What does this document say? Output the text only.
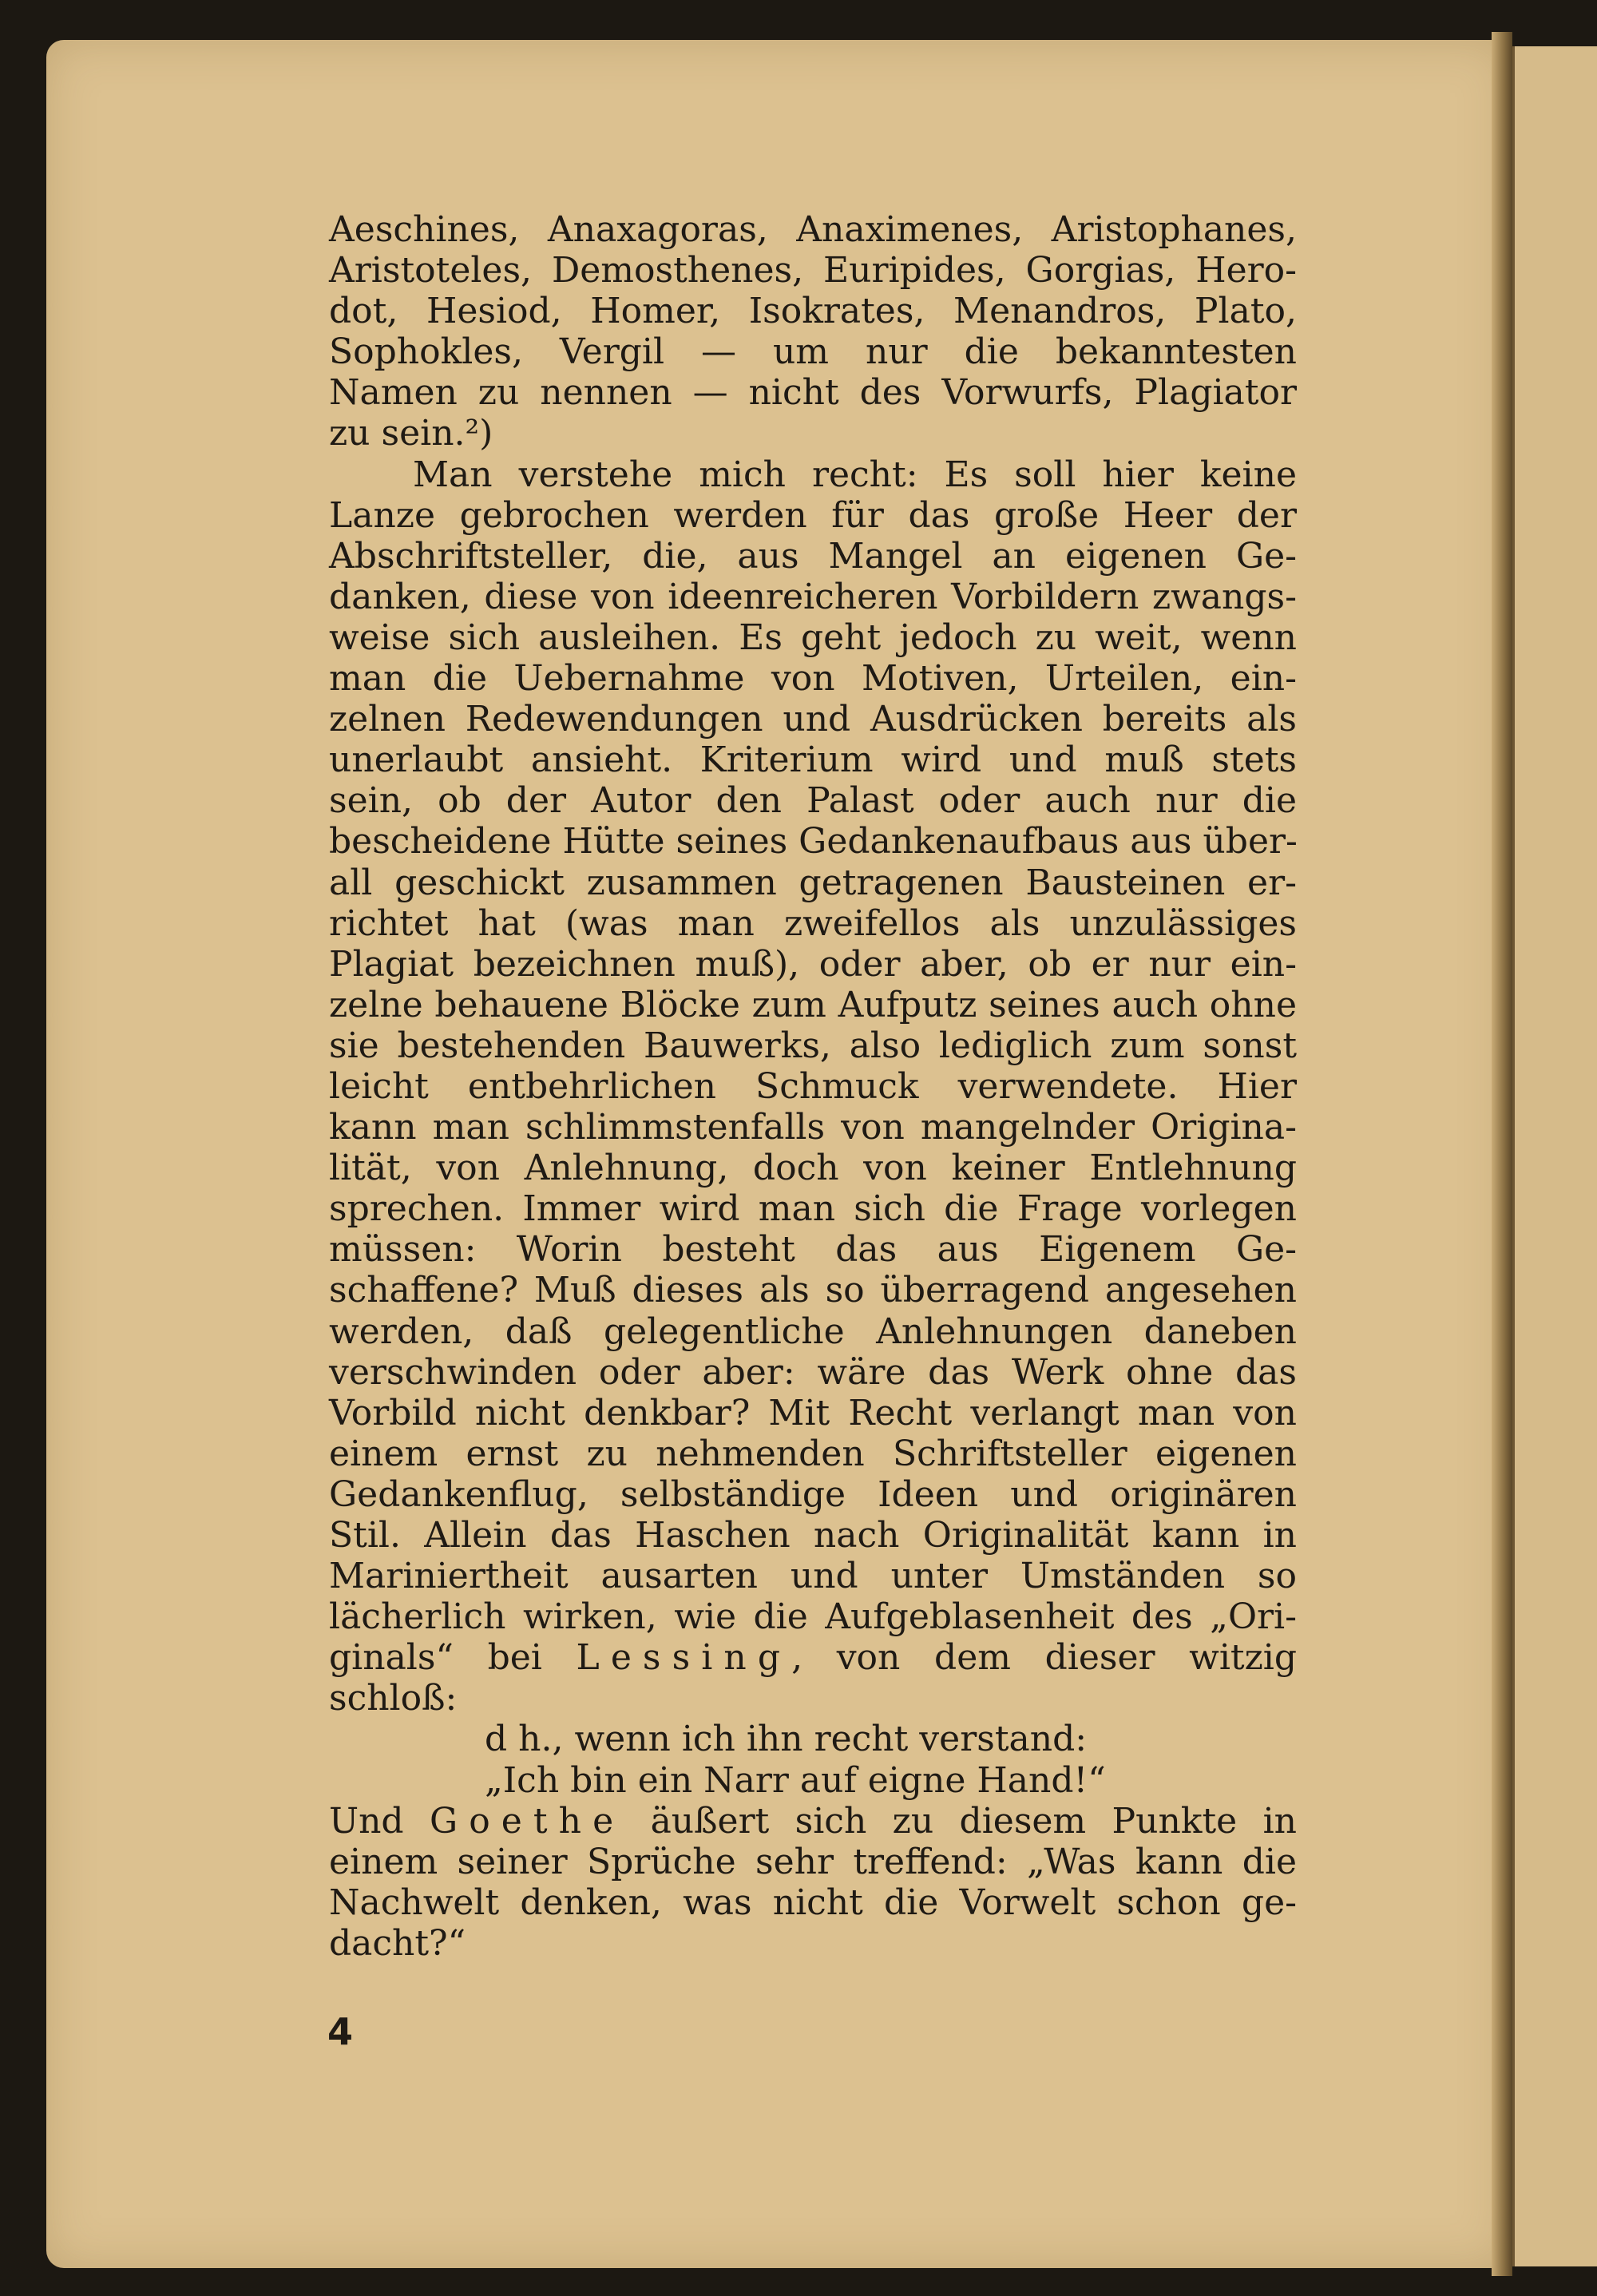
Aeschines, Anaxagoras, Anaximenes, Aristophanes,
Aristoteles, Demosthenes, Euripides, Gorgias, Hero-
dot, Hesiod, Homer, Isokrates, Menandros, Plato,
Sophokles, Vergil — um nur die bekanntesten
Namen zu nennen — nicht des Vorwurfs, Plagiator
zu sein.²)
Man verstehe mich recht: Es soll hier keine
Lanze gebrochen werden für das große Heer der
Abschriftsteller, die, aus Mangel an eigenen Ge-
danken, diese von ideenreicheren Vorbildern zwangs-
weise sich ausleihen. Es geht jedoch zu weit, wenn
man die Uebernahme von Motiven, Urteilen, ein-
zelnen Redewendungen und Ausdrücken bereits als
unerlaubt ansieht. Kriterium wird und muß stets
sein, ob der Autor den Palast oder auch nur die
bescheidene Hütte seines Gedankenaufbaus aus über-
all geschickt zusammen getragenen Bausteinen er-
richtet hat (was man zweifellos als unzulässiges
Plagiat bezeichnen muß), oder aber, ob er nur ein-
zelne behauene Blöcke zum Aufputz seines auch ohne
sie bestehenden Bauwerks, also lediglich zum sonst
leicht entbehrlichen Schmuck verwendete. Hier
kann man schlimmstenfalls von mangelnder Origina-
lität, von Anlehnung, doch von keiner Entlehnung
sprechen. Immer wird man sich die Frage vorlegen
müssen: Worin besteht das aus Eigenem Ge-
schaffene? Muß dieses als so überragend angesehen
werden, daß gelegentliche Anlehnungen daneben
verschwinden oder aber: wäre das Werk ohne das
Vorbild nicht denkbar? Mit Recht verlangt man von
einem ernst zu nehmenden Schriftsteller eigenen
Gedankenflug, selbständige Ideen und originären
Stil. Allein das Haschen nach Originalität kann in
Mariniertheit ausarten und unter Umständen so
lächerlich wirken, wie die Aufgeblasenheit des „Ori-
ginals“ bei Lessing, von dem dieser witzig
schloß:
d h., wenn ich ihn recht verstand:
„Ich bin ein Narr auf eigne Hand!“
Und Goethe äußert sich zu diesem Punkte in
einem seiner Sprüche sehr treffend: „Was kann die
Nachwelt denken, was nicht die Vorwelt schon ge-
dacht?“
4
